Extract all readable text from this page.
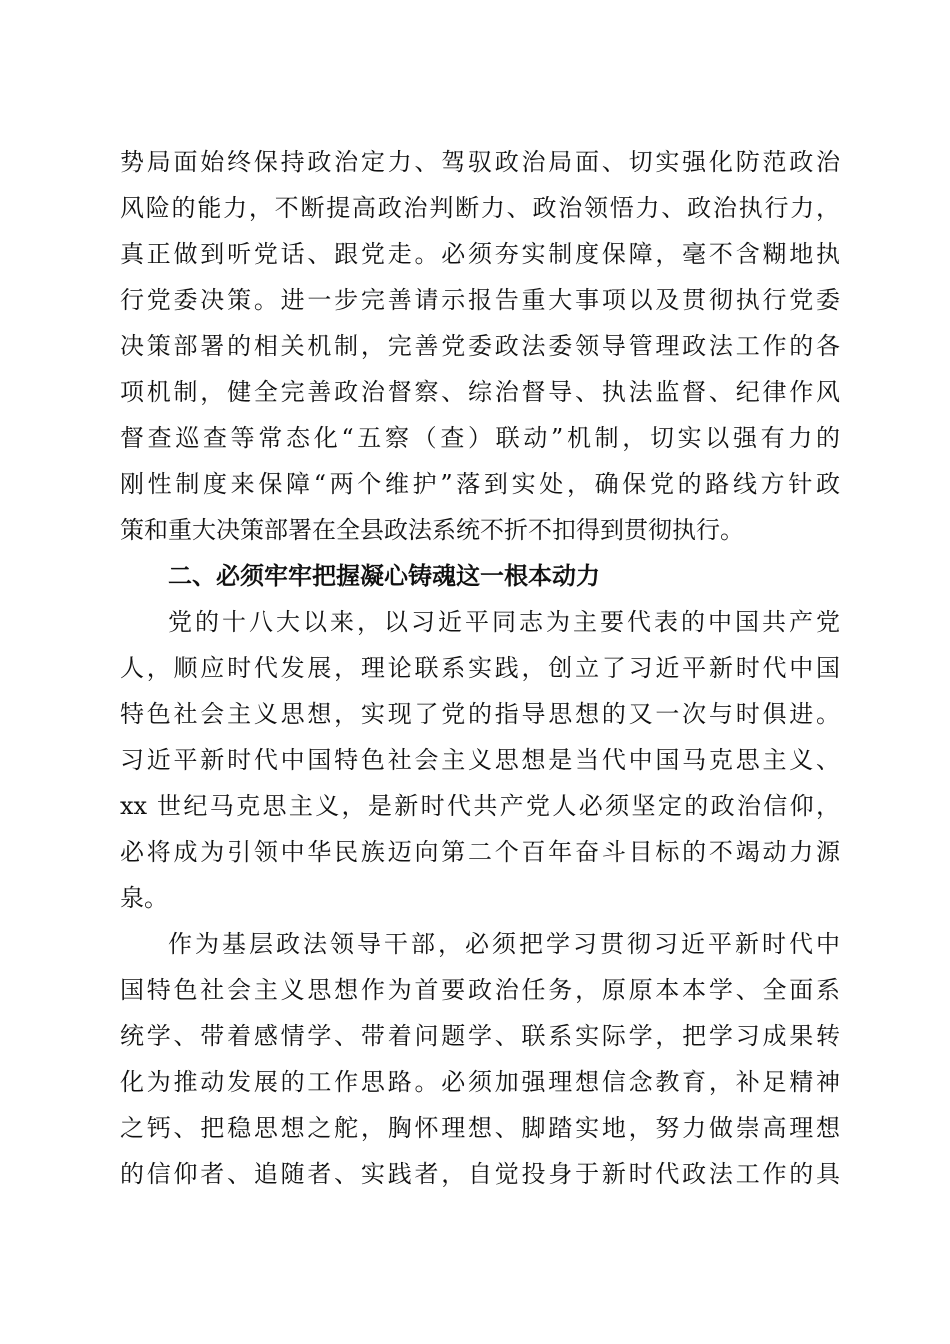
势局面始终保持政治定力、驾驭政治局面、切实强化防范政治
风险的能力，不断提高政治判断力、政治领悟力、政治执行力，
真正做到听党话、跟党走。必须夯实制度保障，毫不含糊地执
行党委决策。进一步完善请示报告重大事项以及贯彻执行党委
决策部署的相关机制，完善党委政法委领导管理政法工作的各
项机制，健全完善政治督察、综治督导、执法监督、纪律作风
督查巡查等常态化“五察（查）联动”机制，切实以强有力的
刚性制度来保障“两个维护”落到实处，确保党的路线方针政
策和重大决策部署在全县政法系统不折不扣得到贯彻执行。
二、必须牢牢把握凝心铸魂这一根本动力
党的十八大以来，以习近平同志为主要代表的中国共产党
人，顺应时代发展，理论联系实践，创立了习近平新时代中国
特色社会主义思想，实现了党的指导思想的又一次与时俱进。
习近平新时代中国特色社会主义思想是当代中国马克思主义、
xx 世纪马克思主义，是新时代共产党人必须坚定的政治信仰，
必将成为引领中华民族迈向第二个百年奋斗目标的不竭动力源
泉。
作为基层政法领导干部，必须把学习贯彻习近平新时代中
国特色社会主义思想作为首要政治任务，原原本本学、全面系
统学、带着感情学、带着问题学、联系实际学，把学习成果转
化为推动发展的工作思路。必须加强理想信念教育，补足精神
之钙、把稳思想之舵，胸怀理想、脚踏实地，努力做崇高理想
的信仰者、追随者、实践者，自觉投身于新时代政法工作的具
